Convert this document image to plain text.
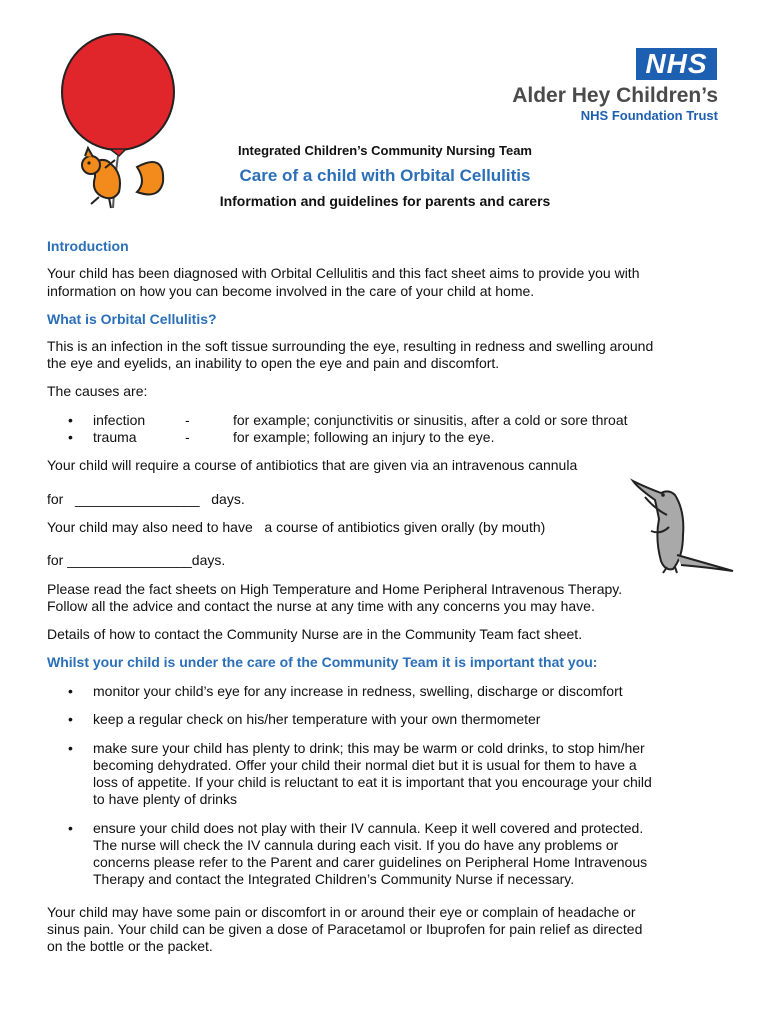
NHS
Alder Hey Children’s
NHS Foundation Trust
Integrated Children’s Community Nursing Team
Care of a child with Orbital Cellulitis
Information and guidelines for parents and carers
Introduction
Your child has been diagnosed with Orbital Cellulitis and this fact sheet aims to provide you with
information on how you can become involved in the care of your child at home.
What is Orbital Cellulitis?
This is an infection in the soft tissue surrounding the eye, resulting in redness and swelling around
the eye and eyelids, an inability to open the eye and pain and discomfort.
The causes are:
• infection	-	for example; conjunctivitis or sinusitis, after a cold or sore throat
• trauma	-	for example; following an injury to the eye.
Your child will require a course of antibiotics that are given via an intravenous cannula
for   ________________   days.
Your child may also need to have   a course of antibiotics given orally (by mouth)
for ________________days.
Please read the fact sheets on High Temperature and Home Peripheral Intravenous Therapy.
Follow all the advice and contact the nurse at any time with any concerns you may have.
Details of how to contact the Community Nurse are in the Community Team fact sheet.
Whilst your child is under the care of the Community Team it is important that you:
• monitor your child’s eye for any increase in redness, swelling, discharge or discomfort
• keep a regular check on his/her temperature with your own thermometer
• make sure your child has plenty to drink; this may be warm or cold drinks, to stop him/her
becoming dehydrated. Offer your child their normal diet but it is usual for them to have a
loss of appetite. If your child is reluctant to eat it is important that you encourage your child
to have plenty of drinks
• ensure your child does not play with their IV cannula. Keep it well covered and protected.
The nurse will check the IV cannula during each visit. If you do have any problems or
concerns please refer to the Parent and carer guidelines on Peripheral Home Intravenous
Therapy and contact the Integrated Children’s Community Nurse if necessary.
Your child may have some pain or discomfort in or around their eye or complain of headache or
sinus pain. Your child can be given a dose of Paracetamol or Ibuprofen for pain relief as directed
on the bottle or the packet.
